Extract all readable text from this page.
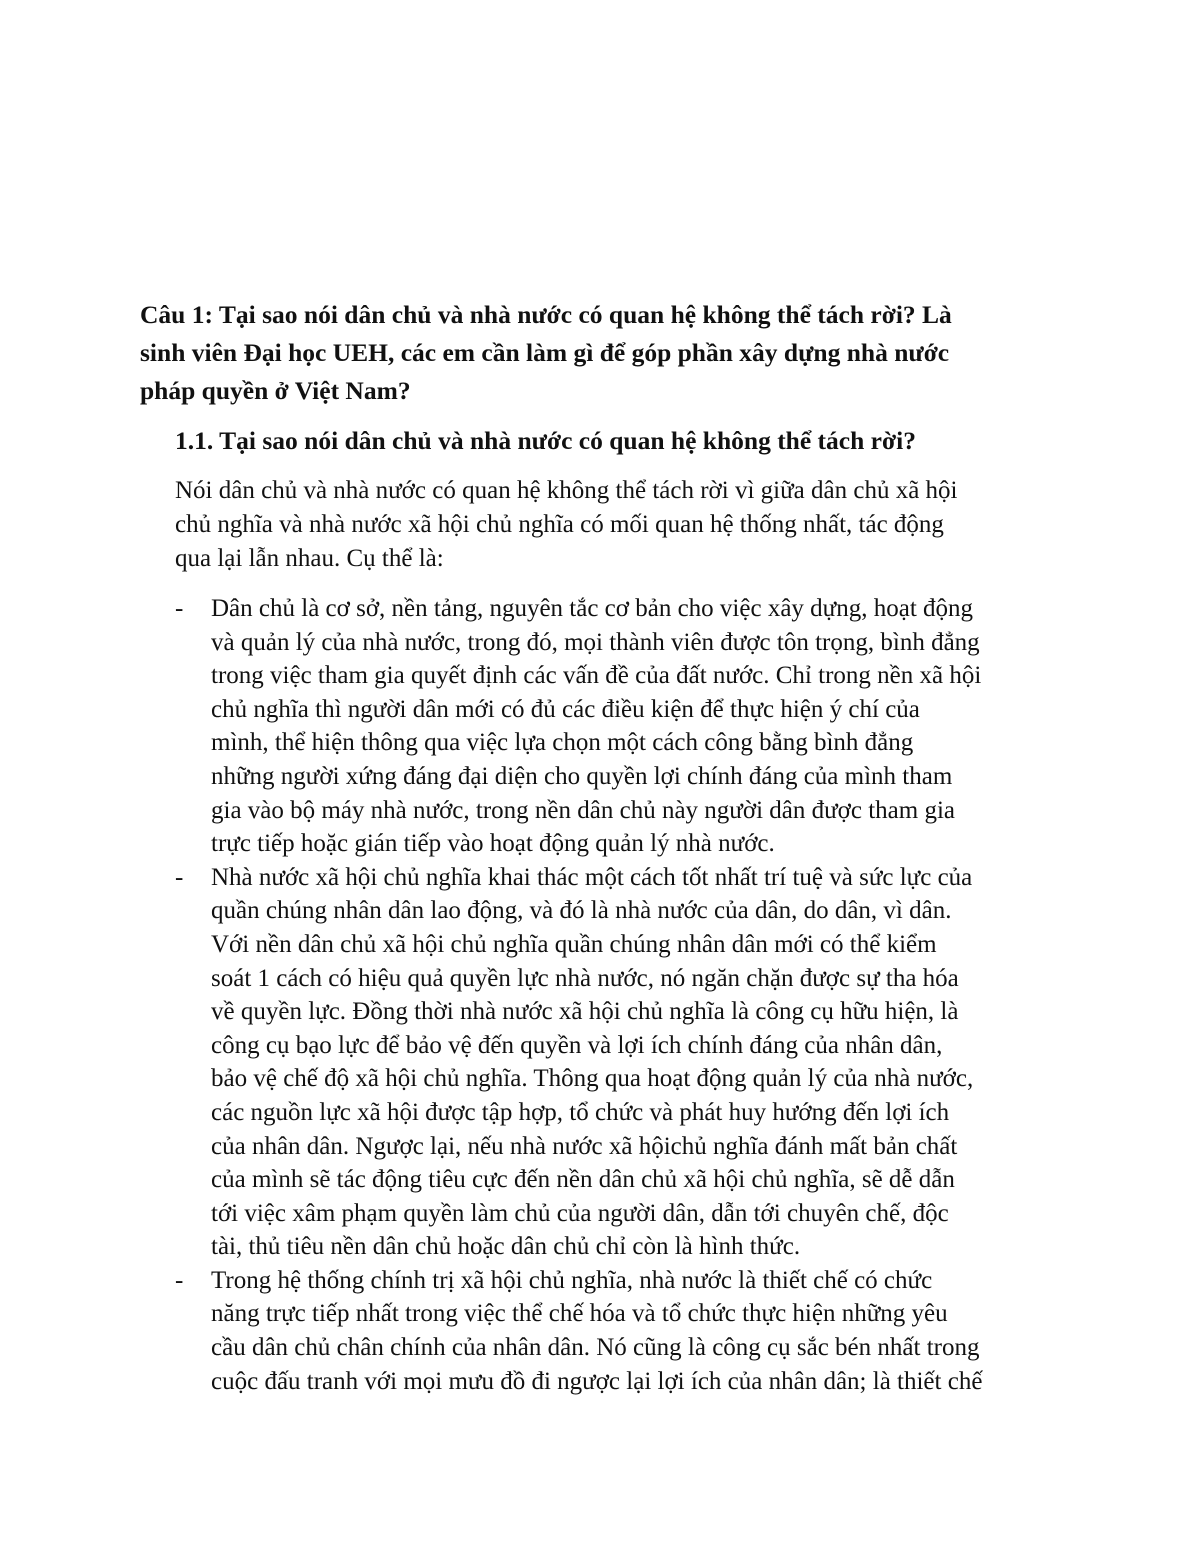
Câu 1: Tại sao nói dân chủ và nhà nước có quan hệ không thể tách rời? Là
sinh viên Đại học UEH, các em cần làm gì để góp phần xây dựng nhà nước
pháp quyền ở Việt Nam?
1.1. Tại sao nói dân chủ và nhà nước có quan hệ không thể tách rời?

Nói dân chủ và nhà nước có quan hệ không thể tách rời vì giữa dân chủ xã hội
chủ nghĩa và nhà nước xã hội chủ nghĩa có mối quan hệ thống nhất, tác động
qua lại lẫn nhau. Cụ thể là:

- Dân chủ là cơ sở, nền tảng, nguyên tắc cơ bản cho việc xây dựng, hoạt động
và quản lý của nhà nước, trong đó, mọi thành viên được tôn trọng, bình đẳng
trong việc tham gia quyết định các vấn đề của đất nước. Chỉ trong nền xã hội
chủ nghĩa thì người dân mới có đủ các điều kiện để thực hiện ý chí của
mình, thể hiện thông qua việc lựa chọn một cách công bằng bình đẳng
những người xứng đáng đại diện cho quyền lợi chính đáng của mình tham
gia vào bộ máy nhà nước, trong nền dân chủ này người dân được tham gia
trực tiếp hoặc gián tiếp vào hoạt động quản lý nhà nước.
- Nhà nước xã hội chủ nghĩa khai thác một cách tốt nhất trí tuệ và sức lực của
quần chúng nhân dân lao động, và đó là nhà nước của dân, do dân, vì dân.
Với nền dân chủ xã hội chủ nghĩa quần chúng nhân dân mới có thể kiểm
soát 1 cách có hiệu quả quyền lực nhà nước, nó ngăn chặn được sự tha hóa
về quyền lực. Đồng thời nhà nước xã hội chủ nghĩa là công cụ hữu hiện, là
công cụ bạo lực để bảo vệ đến quyền và lợi ích chính đáng của nhân dân,
bảo vệ chế độ xã hội chủ nghĩa. Thông qua hoạt động quản lý của nhà nước,
các nguồn lực xã hội được tập hợp, tổ chức và phát huy hướng đến lợi ích
của nhân dân. Ngược lại, nếu nhà nước xã hộichủ nghĩa đánh mất bản chất
của mình sẽ tác động tiêu cực đến nền dân chủ xã hội chủ nghĩa, sẽ dễ dẫn
tới việc xâm phạm quyền làm chủ của người dân, dẫn tới chuyên chế, độc
tài, thủ tiêu nền dân chủ hoặc dân chủ chỉ còn là hình thức.
- Trong hệ thống chính trị xã hội chủ nghĩa, nhà nước là thiết chế có chức
năng trực tiếp nhất trong việc thể chế hóa và tổ chức thực hiện những yêu
cầu dân chủ chân chính của nhân dân. Nó cũng là công cụ sắc bén nhất trong
cuộc đấu tranh với mọi mưu đồ đi ngược lại lợi ích của nhân dân; là thiết chế
